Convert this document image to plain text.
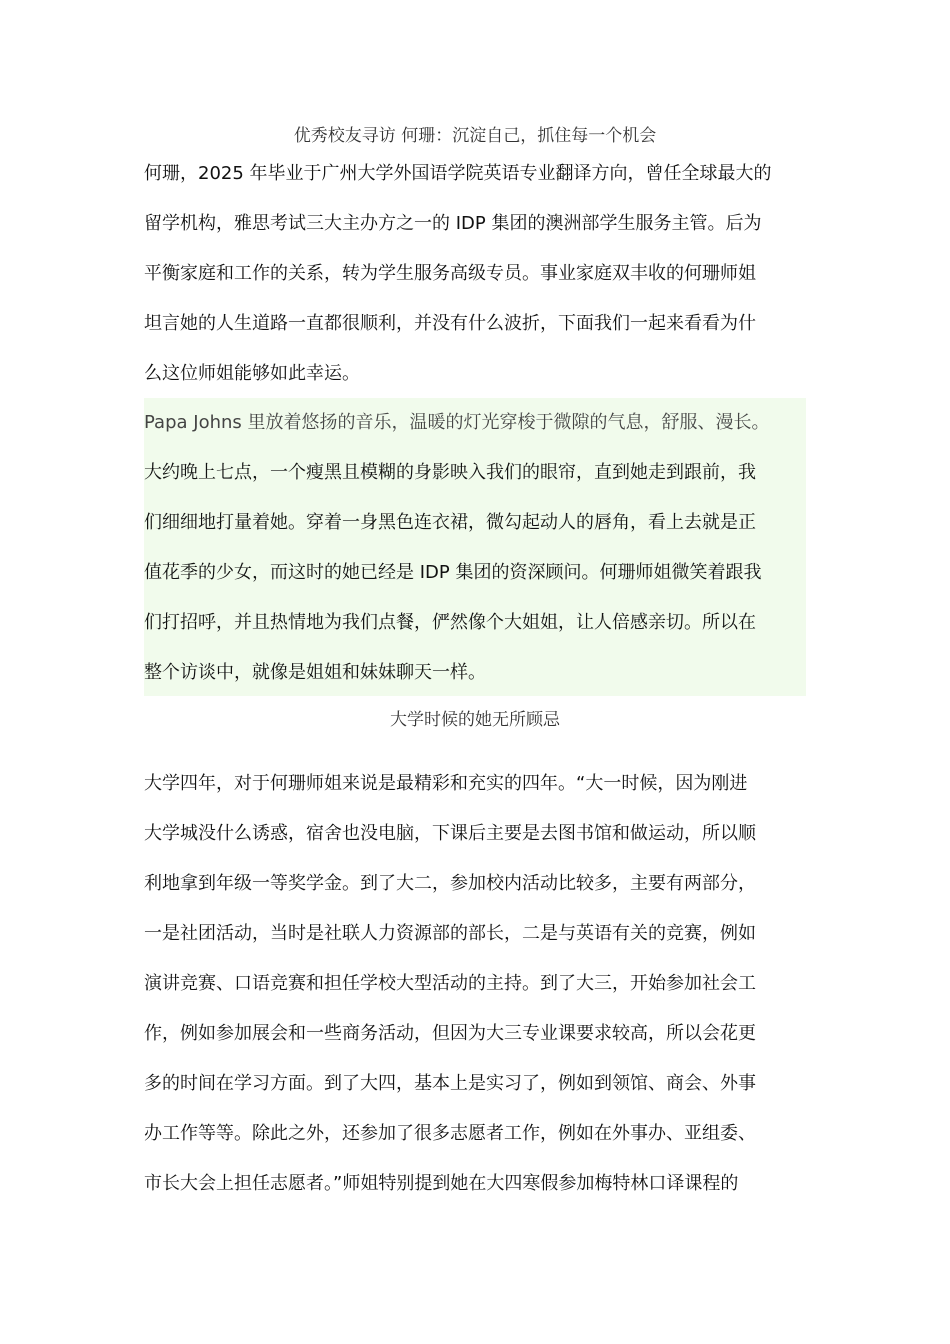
优秀校友寻访 何珊：沉淀自己，抓住每一个机会
何珊，2025 年毕业于广州大学外国语学院英语专业翻译方向，曾任全球最大的
留学机构，雅思考试三大主办方之一的 IDP 集团的澳洲部学生服务主管。后为
平衡家庭和工作的关系，转为学生服务高级专员。事业家庭双丰收的何珊师姐
坦言她的人生道路一直都很顺利，并没有什么波折，下面我们一起来看看为什
么这位师姐能够如此幸运。
Papa Johns 里放着悠扬的音乐，温暖的灯光穿梭于微隙的气息，舒服、漫长。
大约晚上七点，一个瘦黑且模糊的身影映入我们的眼帘，直到她走到跟前，我
们细细地打量着她。穿着一身黑色连衣裙，微勾起动人的唇角，看上去就是正
值花季的少女，而这时的她已经是 IDP 集团的资深顾问。何珊师姐微笑着跟我
们打招呼，并且热情地为我们点餐，俨然像个大姐姐，让人倍感亲切。所以在
整个访谈中，就像是姐姐和妹妹聊天一样。
大学时候的她无所顾忌
大学四年，对于何珊师姐来说是最精彩和充实的四年。“大一时候，因为刚进
大学城没什么诱惑，宿舍也没电脑，下课后主要是去图书馆和做运动，所以顺
利地拿到年级一等奖学金。到了大二，参加校内活动比较多，主要有两部分，
一是社团活动，当时是社联人力资源部的部长，二是与英语有关的竞赛，例如
演讲竞赛、口语竞赛和担任学校大型活动的主持。到了大三，开始参加社会工
作，例如参加展会和一些商务活动，但因为大三专业课要求较高，所以会花更
多的时间在学习方面。到了大四，基本上是实习了，例如到领馆、商会、外事
办工作等等。除此之外，还参加了很多志愿者工作，例如在外事办、亚组委、
市长大会上担任志愿者。”师姐特别提到她在大四寒假参加梅特林口译课程的
